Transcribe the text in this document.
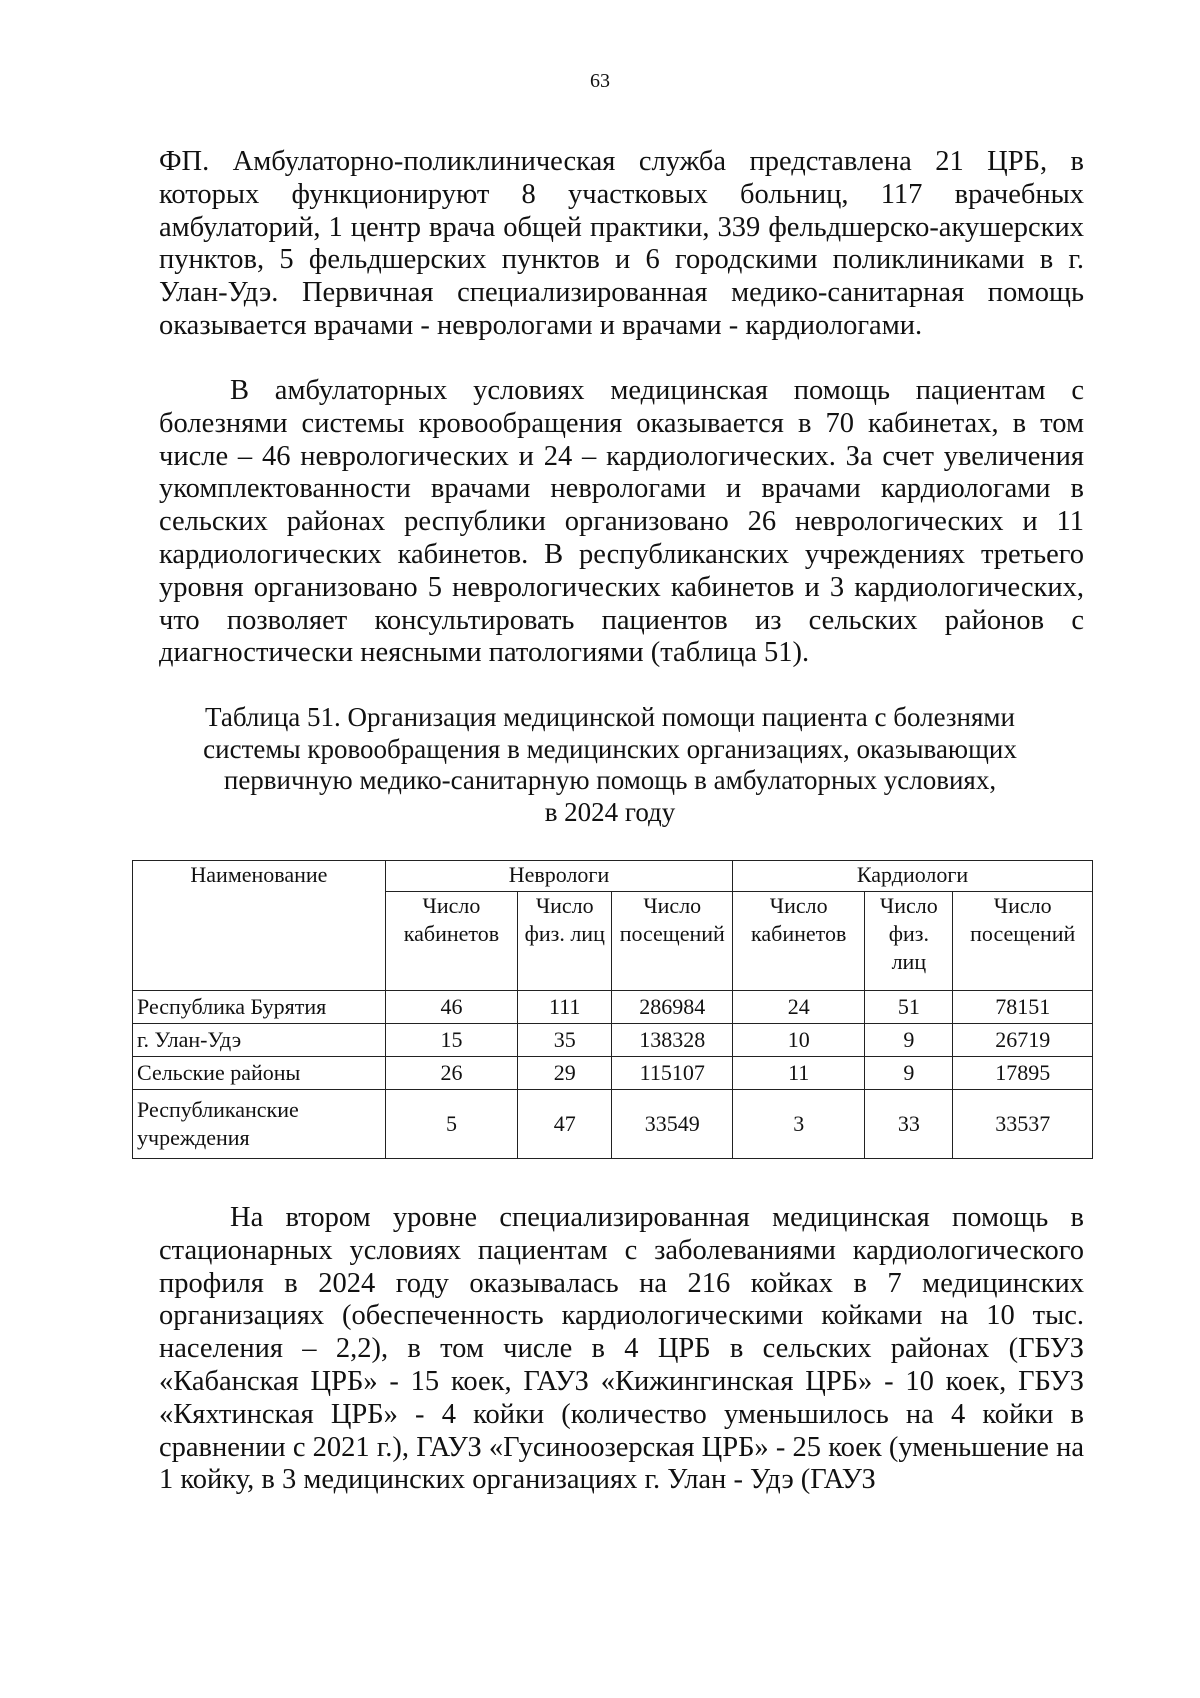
63

ФП. Амбулаторно-поликлиническая служба представлена 21 ЦРБ, в которых функционируют 8 участковых больниц, 117 врачебных амбулаторий, 1 центр врача общей практики, 339 фельдшерско-акушерских пунктов, 5 фельдшерских пунктов и 6 городскими поликлиниками в г. Улан-Удэ. Первичная специализированная медико-санитарная помощь оказывается врачами - неврологами и врачами - кардиологами.

В амбулаторных условиях медицинская помощь пациентам с болезнями системы кровообращения оказывается в 70 кабинетах, в том числе – 46 неврологических и 24 – кардиологических. За счет увеличения укомплектованности врачами неврологами и врачами кардиологами в сельских районах республики организовано 26 неврологических и 11 кардиологических кабинетов. В республиканских учреждениях третьего уровня организовано 5 неврологических кабинетов и 3 кардиологических, что позволяет консультировать пациентов из сельских районов с диагностически неясными патологиями (таблица 51).

Таблица 51. Организация медицинской помощи пациента с болезнями
системы кровообращения в медицинских организациях, оказывающих
первичную медико-санитарную помощь в амбулаторных условиях,
в 2024 году

Наименование	Неврологи			Кардиологи		
	Число кабинетов	Число физ. лиц	Число посещений	Число кабинетов	Число физ. лиц	Число посещений
Республика Бурятия	46	111	286984	24	51	78151
г. Улан-Удэ	15	35	138328	10	9	26719
Сельские районы	26	29	115107	11	9	17895
Республиканские учреждения	5	47	33549	3	33	33537

На втором уровне специализированная медицинская помощь в стационарных условиях пациентам с заболеваниями кардиологического профиля в 2024 году оказывалась на 216 койках в 7 медицинских организациях (обеспеченность кардиологическими койками на 10 тыс. населения – 2,2), в том числе в 4 ЦРБ в сельских районах (ГБУЗ «Кабанская ЦРБ» - 15 коек, ГАУЗ «Кижингинская ЦРБ» - 10 коек, ГБУЗ «Кяхтинская ЦРБ» - 4 койки (количество уменьшилось на 4 койки в сравнении с 2021 г.), ГАУЗ «Гусиноозерская ЦРБ» - 25 коек (уменьшение на 1 койку, в 3 медицинских организациях г. Улан - Удэ (ГАУЗ
